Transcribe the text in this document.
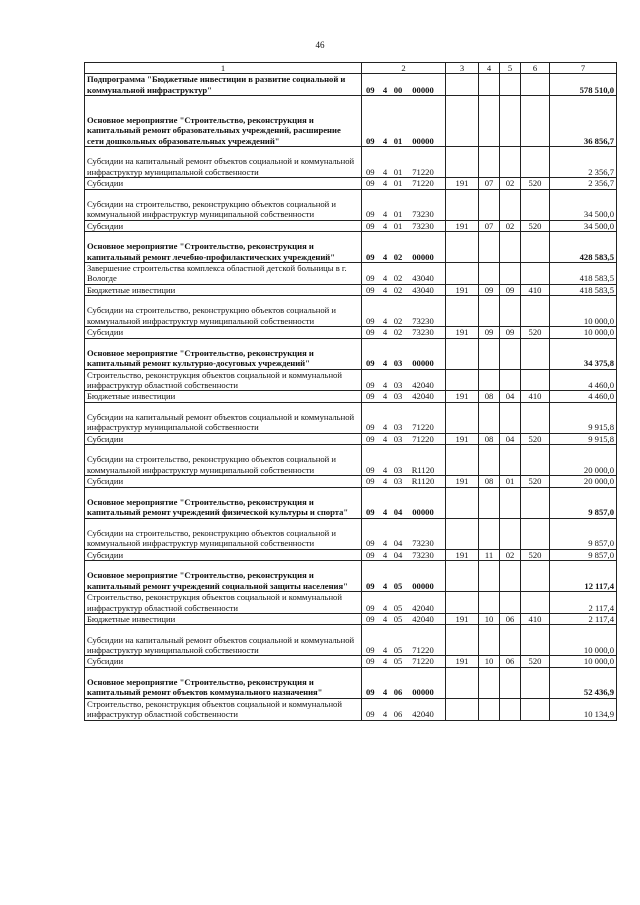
46
1	2	3	4	5	6	7
Подпрограмма "Бюджетные инвестиции в развитие социальной и коммунальной инфраструктур"	09 4 00 00000					578 510,0
Основное мероприятие "Строительство, реконструкция и капитальный ремонт образовательных учреждений, расширение сети дошкольных образовательных учреждений"	09 4 01 00000					36 856,7
Субсидии на капитальный ремонт объектов социальной и коммунальной инфраструктур муниципальной собственности	09 4 01 71220					2 356,7
Субсидии	09 4 01 71220	191	07	02	520	2 356,7
Субсидии на строительство, реконструкцию объектов социальной и коммунальной инфраструктур муниципальной собственности	09 4 01 73230					34 500,0
Субсидии	09 4 01 73230	191	07	02	520	34 500,0
Основное мероприятие "Строительство, реконструкция и капитальный ремонт лечебно-профилактических учреждений"	09 4 02 00000					428 583,5
Завершение строительства комплекса областной детской больницы в г. Вологде	09 4 02 43040					418 583,5
Бюджетные инвестиции	09 4 02 43040	191	09	09	410	418 583,5
Субсидии на строительство, реконструкцию объектов социальной и коммунальной инфраструктур муниципальной собственности	09 4 02 73230					10 000,0
Субсидии	09 4 02 73230	191	09	09	520	10 000,0
Основное мероприятие "Строительство, реконструкция и капитальный ремонт культурно-досуговых учреждений"	09 4 03 00000					34 375,8
Строительство, реконструкция объектов социальной и коммунальной инфраструктур областной собственности	09 4 03 42040					4 460,0
Бюджетные инвестиции	09 4 03 42040	191	08	04	410	4 460,0
Субсидии на капитальный ремонт объектов социальной и коммунальной инфраструктур муниципальной собственности	09 4 03 71220					9 915,8
Субсидии	09 4 03 71220	191	08	04	520	9 915,8
Субсидии на строительство, реконструкцию объектов социальной и коммунальной инфраструктур муниципальной собственности	09 4 03 R1120					20 000,0
Субсидии	09 4 03 R1120	191	08	01	520	20 000,0
Основное мероприятие "Строительство, реконструкция и капитальный ремонт учреждений физической культуры и спорта"	09 4 04 00000					9 857,0
Субсидии на строительство, реконструкцию объектов социальной и коммунальной инфраструктур муниципальной собственности	09 4 04 73230					9 857,0
Субсидии	09 4 04 73230	191	11	02	520	9 857,0
Основное мероприятие "Строительство, реконструкция и капитальный ремонт учреждений социальной защиты населения"	09 4 05 00000					12 117,4
Строительство, реконструкция объектов социальной и коммунальной инфраструктур областной собственности	09 4 05 42040					2 117,4
Бюджетные инвестиции	09 4 05 42040	191	10	06	410	2 117,4
Субсидии на капитальный ремонт объектов социальной и коммунальной инфраструктур муниципальной собственности	09 4 05 71220					10 000,0
Субсидии	09 4 05 71220	191	10	06	520	10 000,0
Основное мероприятие "Строительство, реконструкция и капитальный ремонт объектов коммунального назначения"	09 4 06 00000					52 436,9
Строительство, реконструкция объектов социальной и коммунальной инфраструктур областной собственности	09 4 06 42040					10 134,9
